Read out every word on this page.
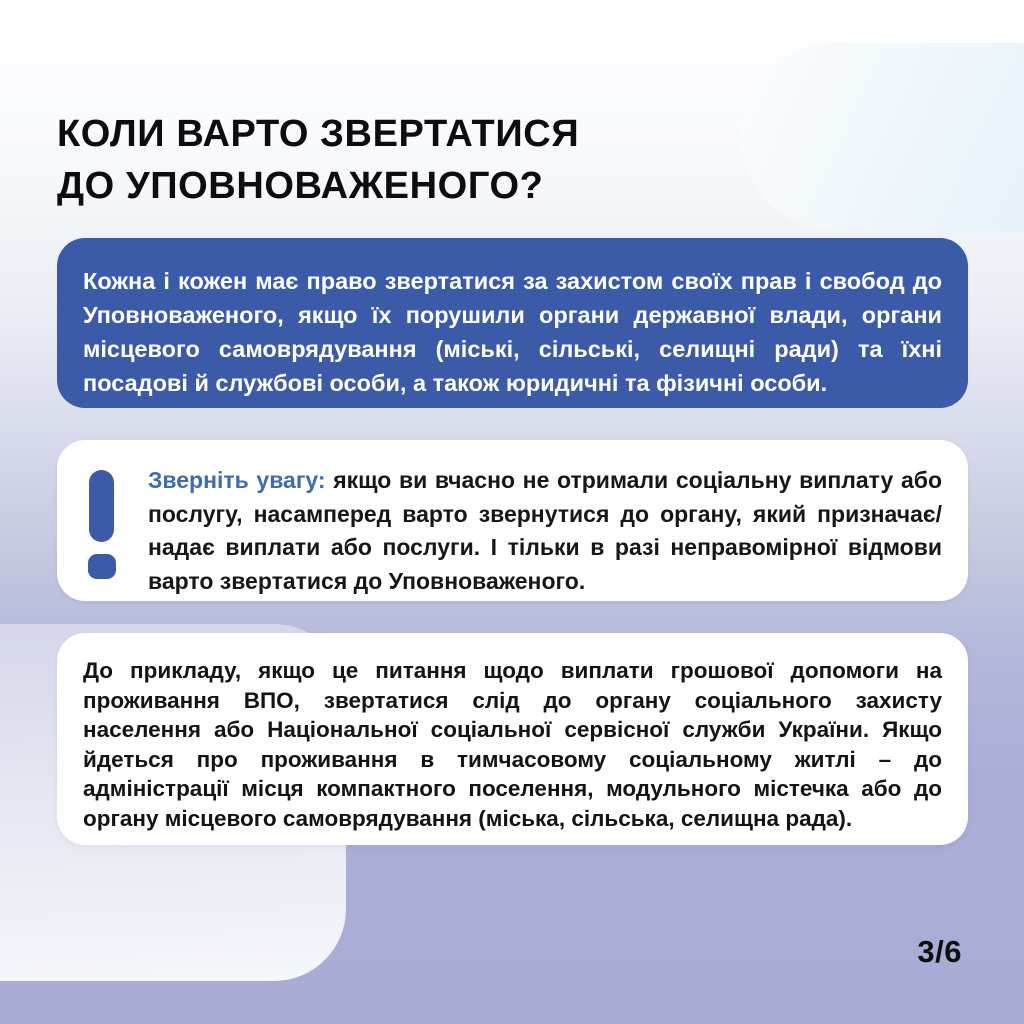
КОЛИ ВАРТО ЗВЕРТАТИСЯ
ДО УПОВНОВАЖЕНОГО?

Кожна і кожен має право звертатися за захистом своїх прав і свобод до Уповноваженого, якщо їх порушили органи державної влади, органи місцевого самоврядування (міські, сільські, селищні ради) та їхні посадові й службові особи, а також юридичні та фізичні особи.

Зверніть увагу: якщо ви вчасно не отримали соціальну виплату або послугу, насамперед варто звернутися до органу, який призначає/надає виплати або послуги. І тільки в разі неправомірної відмови варто звертатися до Уповноваженого.

До прикладу, якщо це питання щодо виплати грошової допомоги на проживання ВПО, звертатися слід до органу соціального захисту населення або Національної соціальної сервісної служби України. Якщо йдеться про проживання в тимчасовому соціальному житлі – до адміністрації місця компактного поселення, модульного містечка або до органу місцевого самоврядування (міська, сільська, селищна рада).

3/6
